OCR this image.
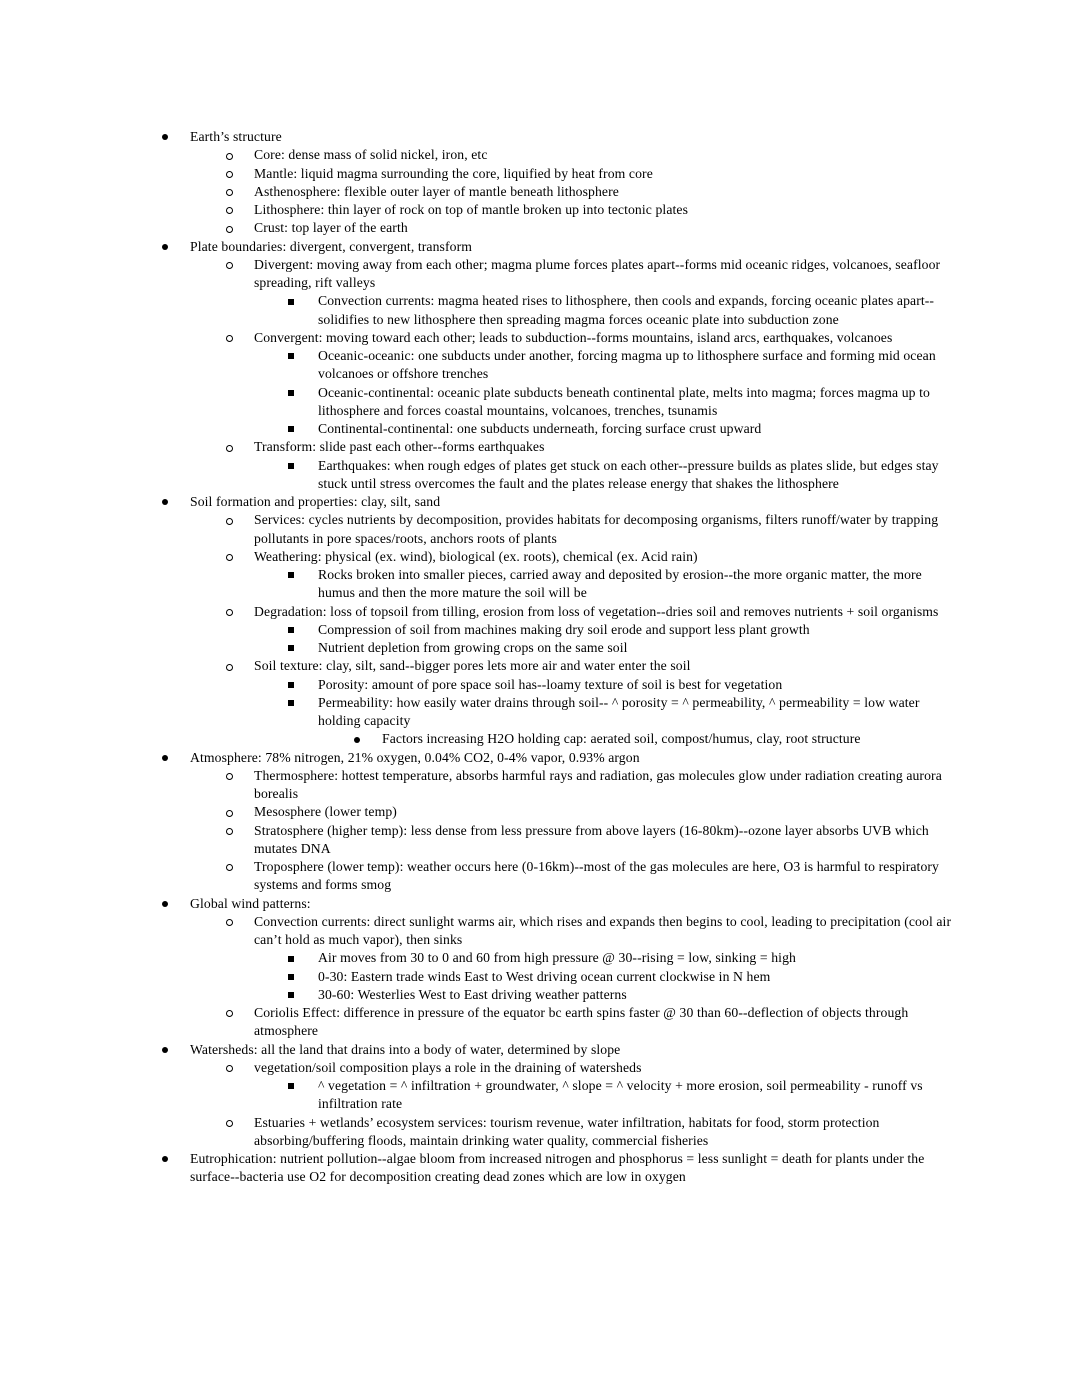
Earth’s structure
Core: dense mass of solid nickel, iron, etc
Mantle: liquid magma surrounding the core, liquified by heat from core
Asthenosphere: flexible outer layer of mantle beneath lithosphere
Lithosphere: thin layer of rock on top of mantle broken up into tectonic plates
Crust: top layer of the earth
Plate boundaries: divergent, convergent, transform
Divergent: moving away from each other; magma plume forces plates apart--forms mid oceanic ridges, volcanoes, seafloor spreading, rift valleys
Convection currents: magma heated rises to lithosphere, then cools and expands, forcing oceanic plates apart--solidifies to new lithosphere then spreading magma forces oceanic plate into subduction zone
Convergent: moving toward each other; leads to subduction--forms mountains, island arcs, earthquakes, volcanoes
Oceanic-oceanic: one subducts under another, forcing magma up to lithosphere surface and forming mid ocean volcanoes or offshore trenches
Oceanic-continental: oceanic plate subducts beneath continental plate, melts into magma; forces magma up to lithosphere and forces coastal mountains, volcanoes, trenches, tsunamis
Continental-continental: one subducts underneath, forcing surface crust upward
Transform: slide past each other--forms earthquakes
Earthquakes: when rough edges of plates get stuck on each other--pressure builds as plates slide, but edges stay stuck until stress overcomes the fault and the plates release energy that shakes the lithosphere
Soil formation and properties: clay, silt, sand
Services: cycles nutrients by decomposition, provides habitats for decomposing organisms, filters runoff/water by trapping pollutants in pore spaces/roots, anchors roots of plants
Weathering: physical (ex. wind), biological (ex. roots), chemical (ex. Acid rain)
Rocks broken into smaller pieces, carried away and deposited by erosion--the more organic matter, the more humus and then the more mature the soil will be
Degradation: loss of topsoil from tilling, erosion from loss of vegetation--dries soil and removes nutrients + soil organisms
Compression of soil from machines making dry soil erode and support less plant growth
Nutrient depletion from growing crops on the same soil
Soil texture: clay, silt, sand--bigger pores lets more air and water enter the soil
Porosity: amount of pore space soil has--loamy texture of soil is best for vegetation
Permeability: how easily water drains through soil-- ^ porosity = ^ permeability, ^ permeability = low water holding capacity
Factors increasing H2O holding cap: aerated soil, compost/humus, clay, root structure
Atmosphere: 78% nitrogen, 21% oxygen, 0.04% CO2, 0-4% vapor, 0.93% argon
Thermosphere: hottest temperature, absorbs harmful rays and radiation, gas molecules glow under radiation creating aurora borealis
Mesosphere (lower temp)
Stratosphere (higher temp): less dense from less pressure from above layers (16-80km)--ozone layer absorbs UVB which mutates DNA
Troposphere (lower temp): weather occurs here (0-16km)--most of the gas molecules are here, O3 is harmful to respiratory systems and forms smog
Global wind patterns:
Convection currents: direct sunlight warms air, which rises and expands then begins to cool, leading to precipitation (cool air can’t hold as much vapor), then sinks
Air moves from 30 to 0 and 60 from high pressure @ 30--rising = low, sinking = high
0-30: Eastern trade winds East to West driving ocean current clockwise in N hem
30-60: Westerlies West to East driving weather patterns
Coriolis Effect: difference in pressure of the equator bc earth spins faster @ 30 than 60--deflection of objects through atmosphere
Watersheds: all the land that drains into a body of water, determined by slope
vegetation/soil composition plays a role in the draining of watersheds
^ vegetation = ^ infiltration + groundwater, ^ slope = ^ velocity + more erosion, soil permeability - runoff vs infiltration rate
Estuaries + wetlands’ ecosystem services: tourism revenue, water infiltration, habitats for food, storm protection absorbing/buffering floods, maintain drinking water quality, commercial fisheries
Eutrophication: nutrient pollution--algae bloom from increased nitrogen and phosphorus = less sunlight = death for plants under the surface--bacteria use O2 for decomposition creating dead zones which are low in oxygen
